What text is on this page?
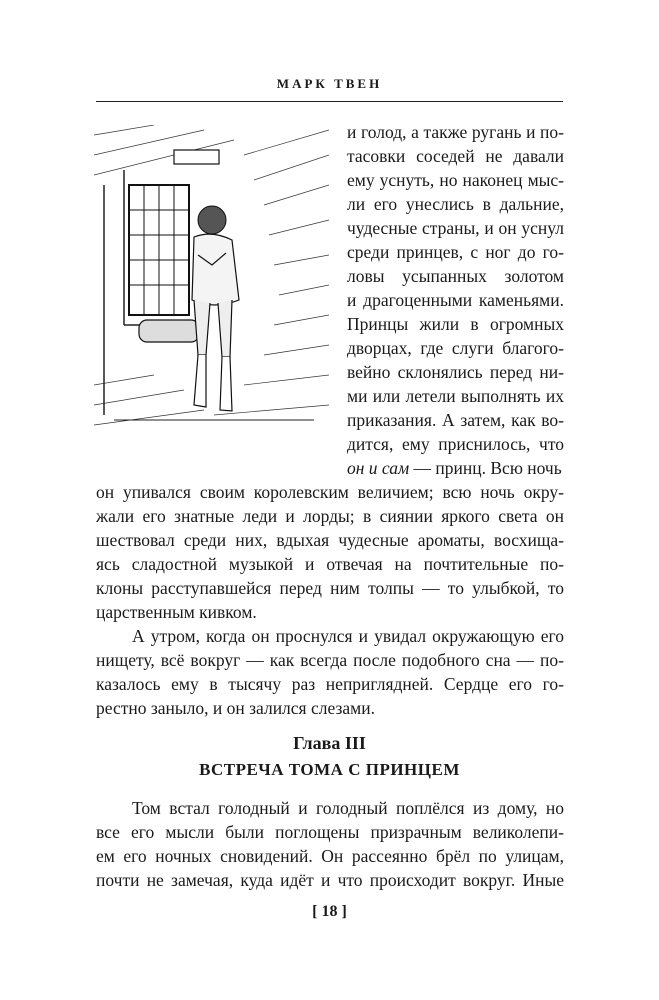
МАРК ТВЕН
и голод, а также ругань и по-
тасовки соседей не давали
ему уснуть, но наконец мыс-
ли его унеслись в дальние,
чудесные страны, и он уснул
среди принцев, с ног до го-
ловы усыпанных золотом
и драгоценными каменьями.
Принцы жили в огромных
дворцах, где слуги благого-
вейно склонялись перед ни-
ми или летели выполнять их
приказания. А затем, как во-
дится, ему приснилось, что
он и сам — принц. Всю ночь
он упивался своим королевским величием; всю ночь окру-
жали его знатные леди и лорды; в сиянии яркого света он
шествовал среди них, вдыхая чудесные ароматы, восхища-
ясь сладостной музыкой и отвечая на почтительные по-
клоны расступавшейся перед ним толпы — то улыбкой, то
царственным кивком.
А утром, когда он проснулся и увидал окружающую его
нищету, всё вокруг — как всегда после подобного сна — по-
казалось ему в тысячу раз неприглядней. Сердце его го-
рестно заныло, и он залился слезами.
Глава III
ВСТРЕЧА ТОМА С ПРИНЦЕМ
Том встал голодный и голодный поплёлся из дому, но
все его мысли были поглощены призрачным великолепи-
ем его ночных сновидений. Он рассеянно брёл по улицам,
почти не замечая, куда идёт и что происходит вокруг. Иные
[ 18 ]
